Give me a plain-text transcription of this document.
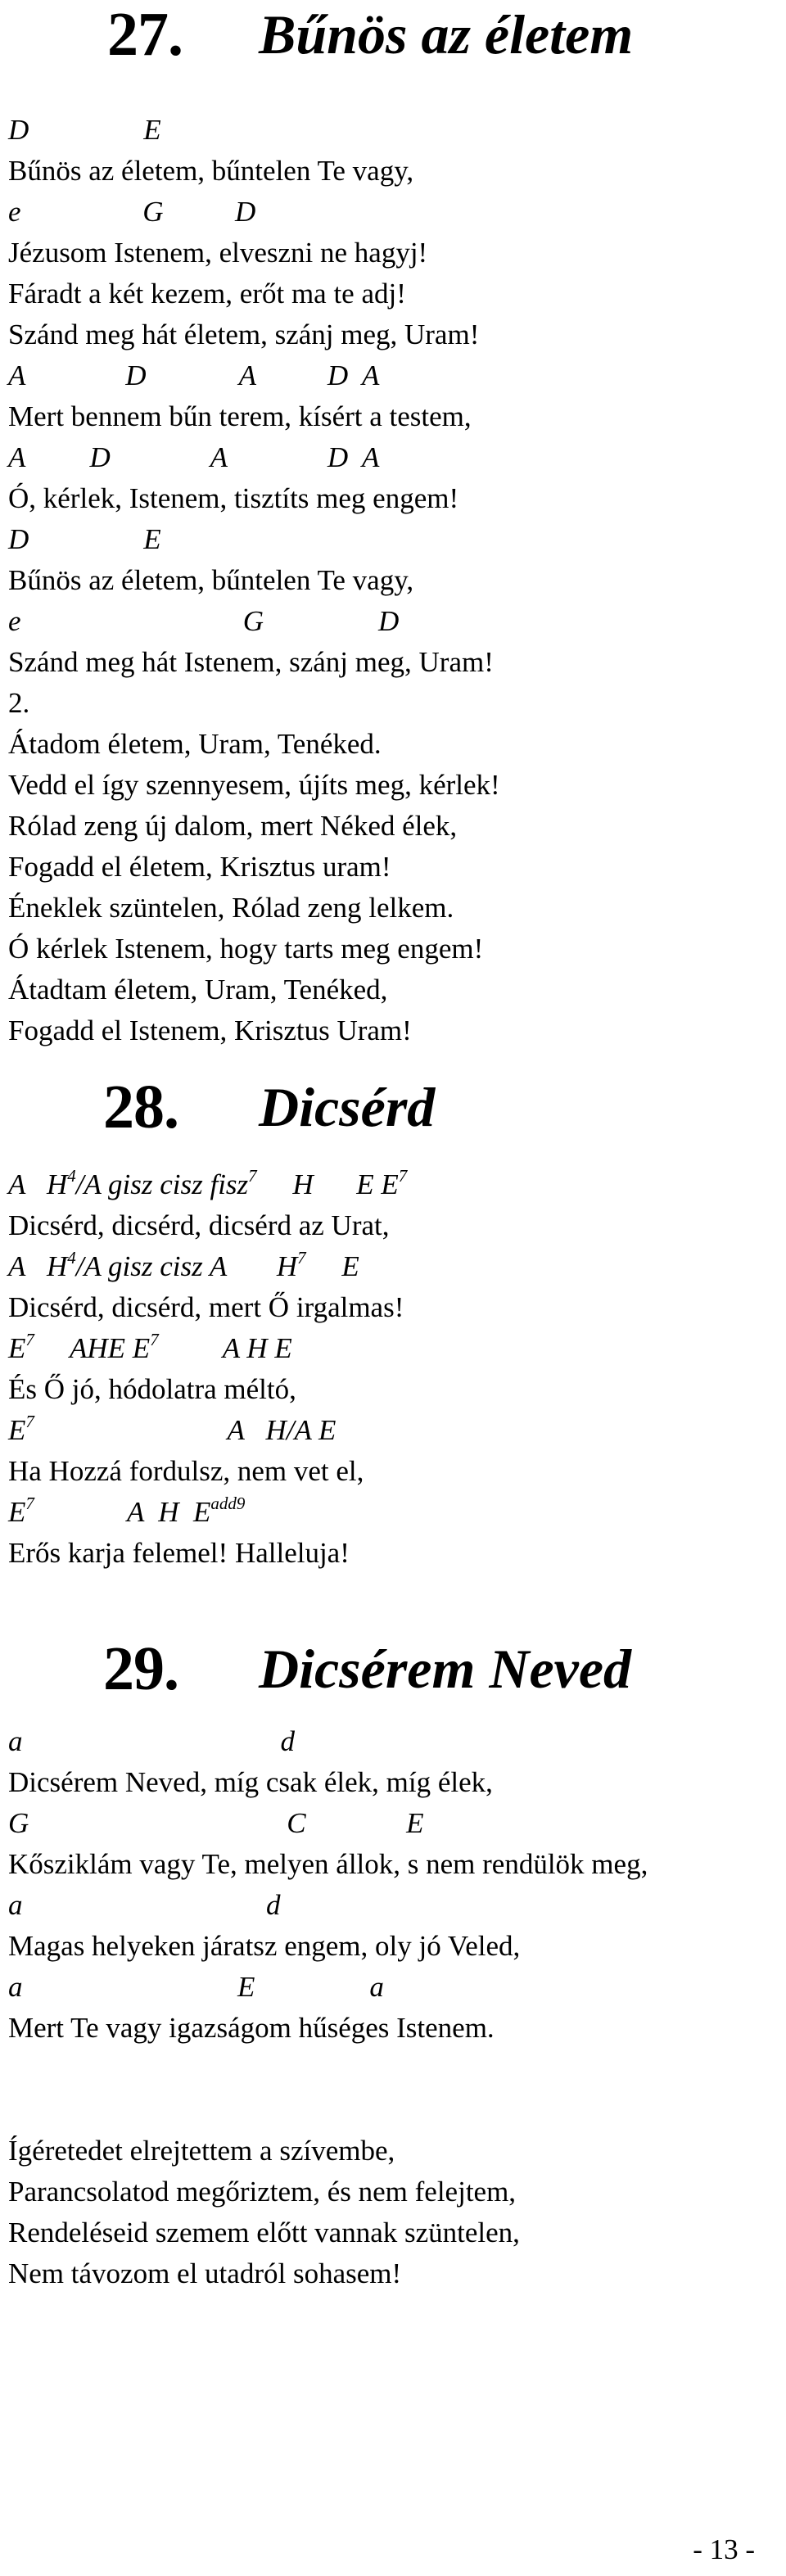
27. Bűnös az életem
D                E
Bűnös az életem, bűntelen Te vagy,
e                 G          D
Jézusom Istenem, elveszni ne hagyj!
Fáradt a két kezem, erőt ma te adj!
Szánd meg hát életem, szánj meg, Uram!
A              D             A          D  A
Mert bennem bűn terem, kísért a testem,
A         D              A              D  A
Ó, kérlek, Istenem, tisztíts meg engem!
D                E
Bűnös az életem, bűntelen Te vagy,
e                               G                D
Szánd meg hát Istenem, szánj meg, Uram!
2.
Átadom életem, Uram, Tenéked.
Vedd el így szennyesem, újíts meg, kérlek!
Rólad zeng új dalom, mert Néked élek,
Fogadd el életem, Krisztus uram!
Éneklek szüntelen, Rólad zeng lelkem.
Ó kérlek Istenem, hogy tarts meg engem!
Átadtam életem, Uram, Tenéked,
Fogadd el Istenem, Krisztus Uram!
28. Dicsérd
A   $H^4/A$ gisz cisz fisz$^7$     H      E $E^7$
Dicsérd, dicsérd, dicsérd az Urat,
A   $H^4/A$ gisz cisz A       $H^7$     E
Dicsérd, dicsérd, mert Ő irgalmas!
$E^7$     AHE $E^7$         A H E
És Ő jó, hódolatra méltó,
$E^7$                           A   H/A E
Ha Hozzá fordulsz, nem vet el,
$E^7$             A  H  $E^{add9}$
Erős karja felemel! Halleluja!
29. Dicsérem Neved
a                                    d
Dicsérem Neved, míg csak élek, míg élek,
G                                    C              E
Kősziklám vagy Te, melyen állok, s nem rendülök meg,
a                                  d
Magas helyeken járatsz engem, oly jó Veled,
a                              E                a
Mert Te vagy igazságom hűséges Istenem.
Ígéretedet elrejtettem a szívembe,
Parancsolatod megőriztem, és nem felejtem,
Rendeléseid szemem előtt vannak szüntelen,
Nem távozom el utadról sohasem!
- 13 -
